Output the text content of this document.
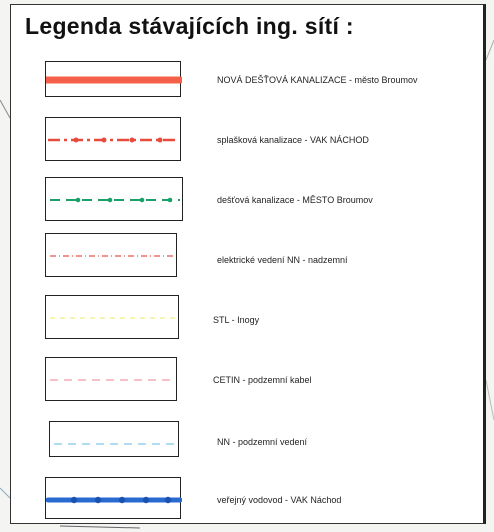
Legenda stávajících ing. sítí :
NOVÁ DEŠŤOVÁ KANALIZACE - město Broumov
splašková kanalizace - VAK NÁCHOD
dešťová kanalizace - MĚSTO Broumov
elektrické vedení NN - nadzemní
STL - Inogy
CETIN - podzemní kabel
NN - podzemní vedení
veřejný vodovod - VAK Náchod
